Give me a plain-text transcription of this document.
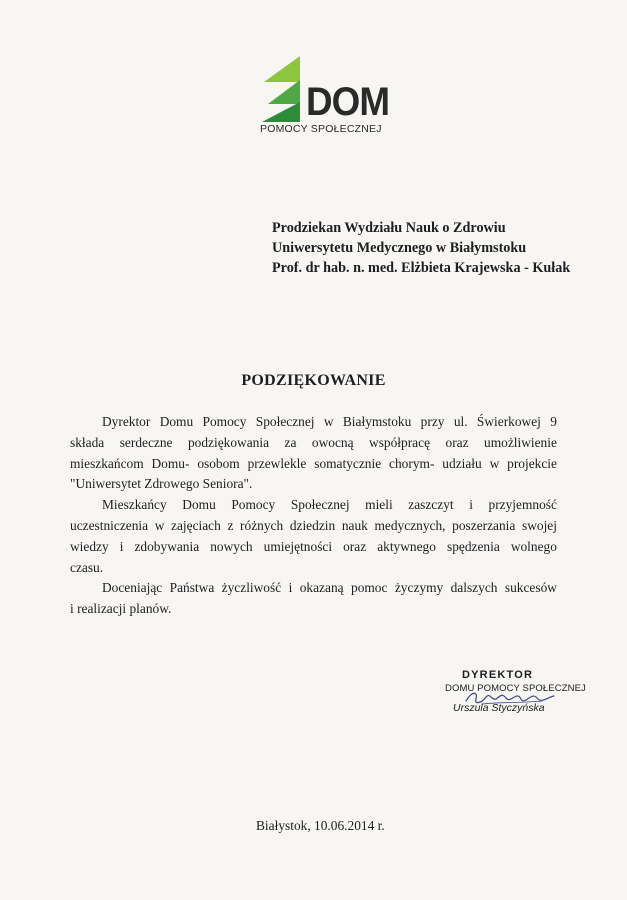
DOM
POMOCY SPOŁECZNEJ
Prodziekan Wydziału Nauk o Zdrowiu
Uniwersytetu Medycznego w Białymstoku
Prof. dr hab. n. med. Elżbieta Krajewska - Kułak
PODZIĘKOWANIE
Dyrektor Domu Pomocy Społecznej w Białymstoku przy ul. Świerkowej 9
składa serdeczne podziękowania za owocną współpracę oraz umożliwienie
mieszkańcom Domu- osobom przewlekle somatycznie chorym- udziału w projekcie
"Uniwersytet Zdrowego Seniora".
Mieszkańcy Domu Pomocy Społecznej mieli zaszczyt i przyjemność
uczestniczenia w zajęciach z różnych dziedzin nauk medycznych, poszerzania swojej
wiedzy i zdobywania nowych umiejętności oraz aktywnego spędzenia wolnego
czasu.
Doceniając Państwa życzliwość i okazaną pomoc życzymy dalszych sukcesów
i realizacji planów.
DYREKTOR
DOMU POMOCY SPOŁECZNEJ
Urszula Styczyńska
Białystok, 10.06.2014 r.
